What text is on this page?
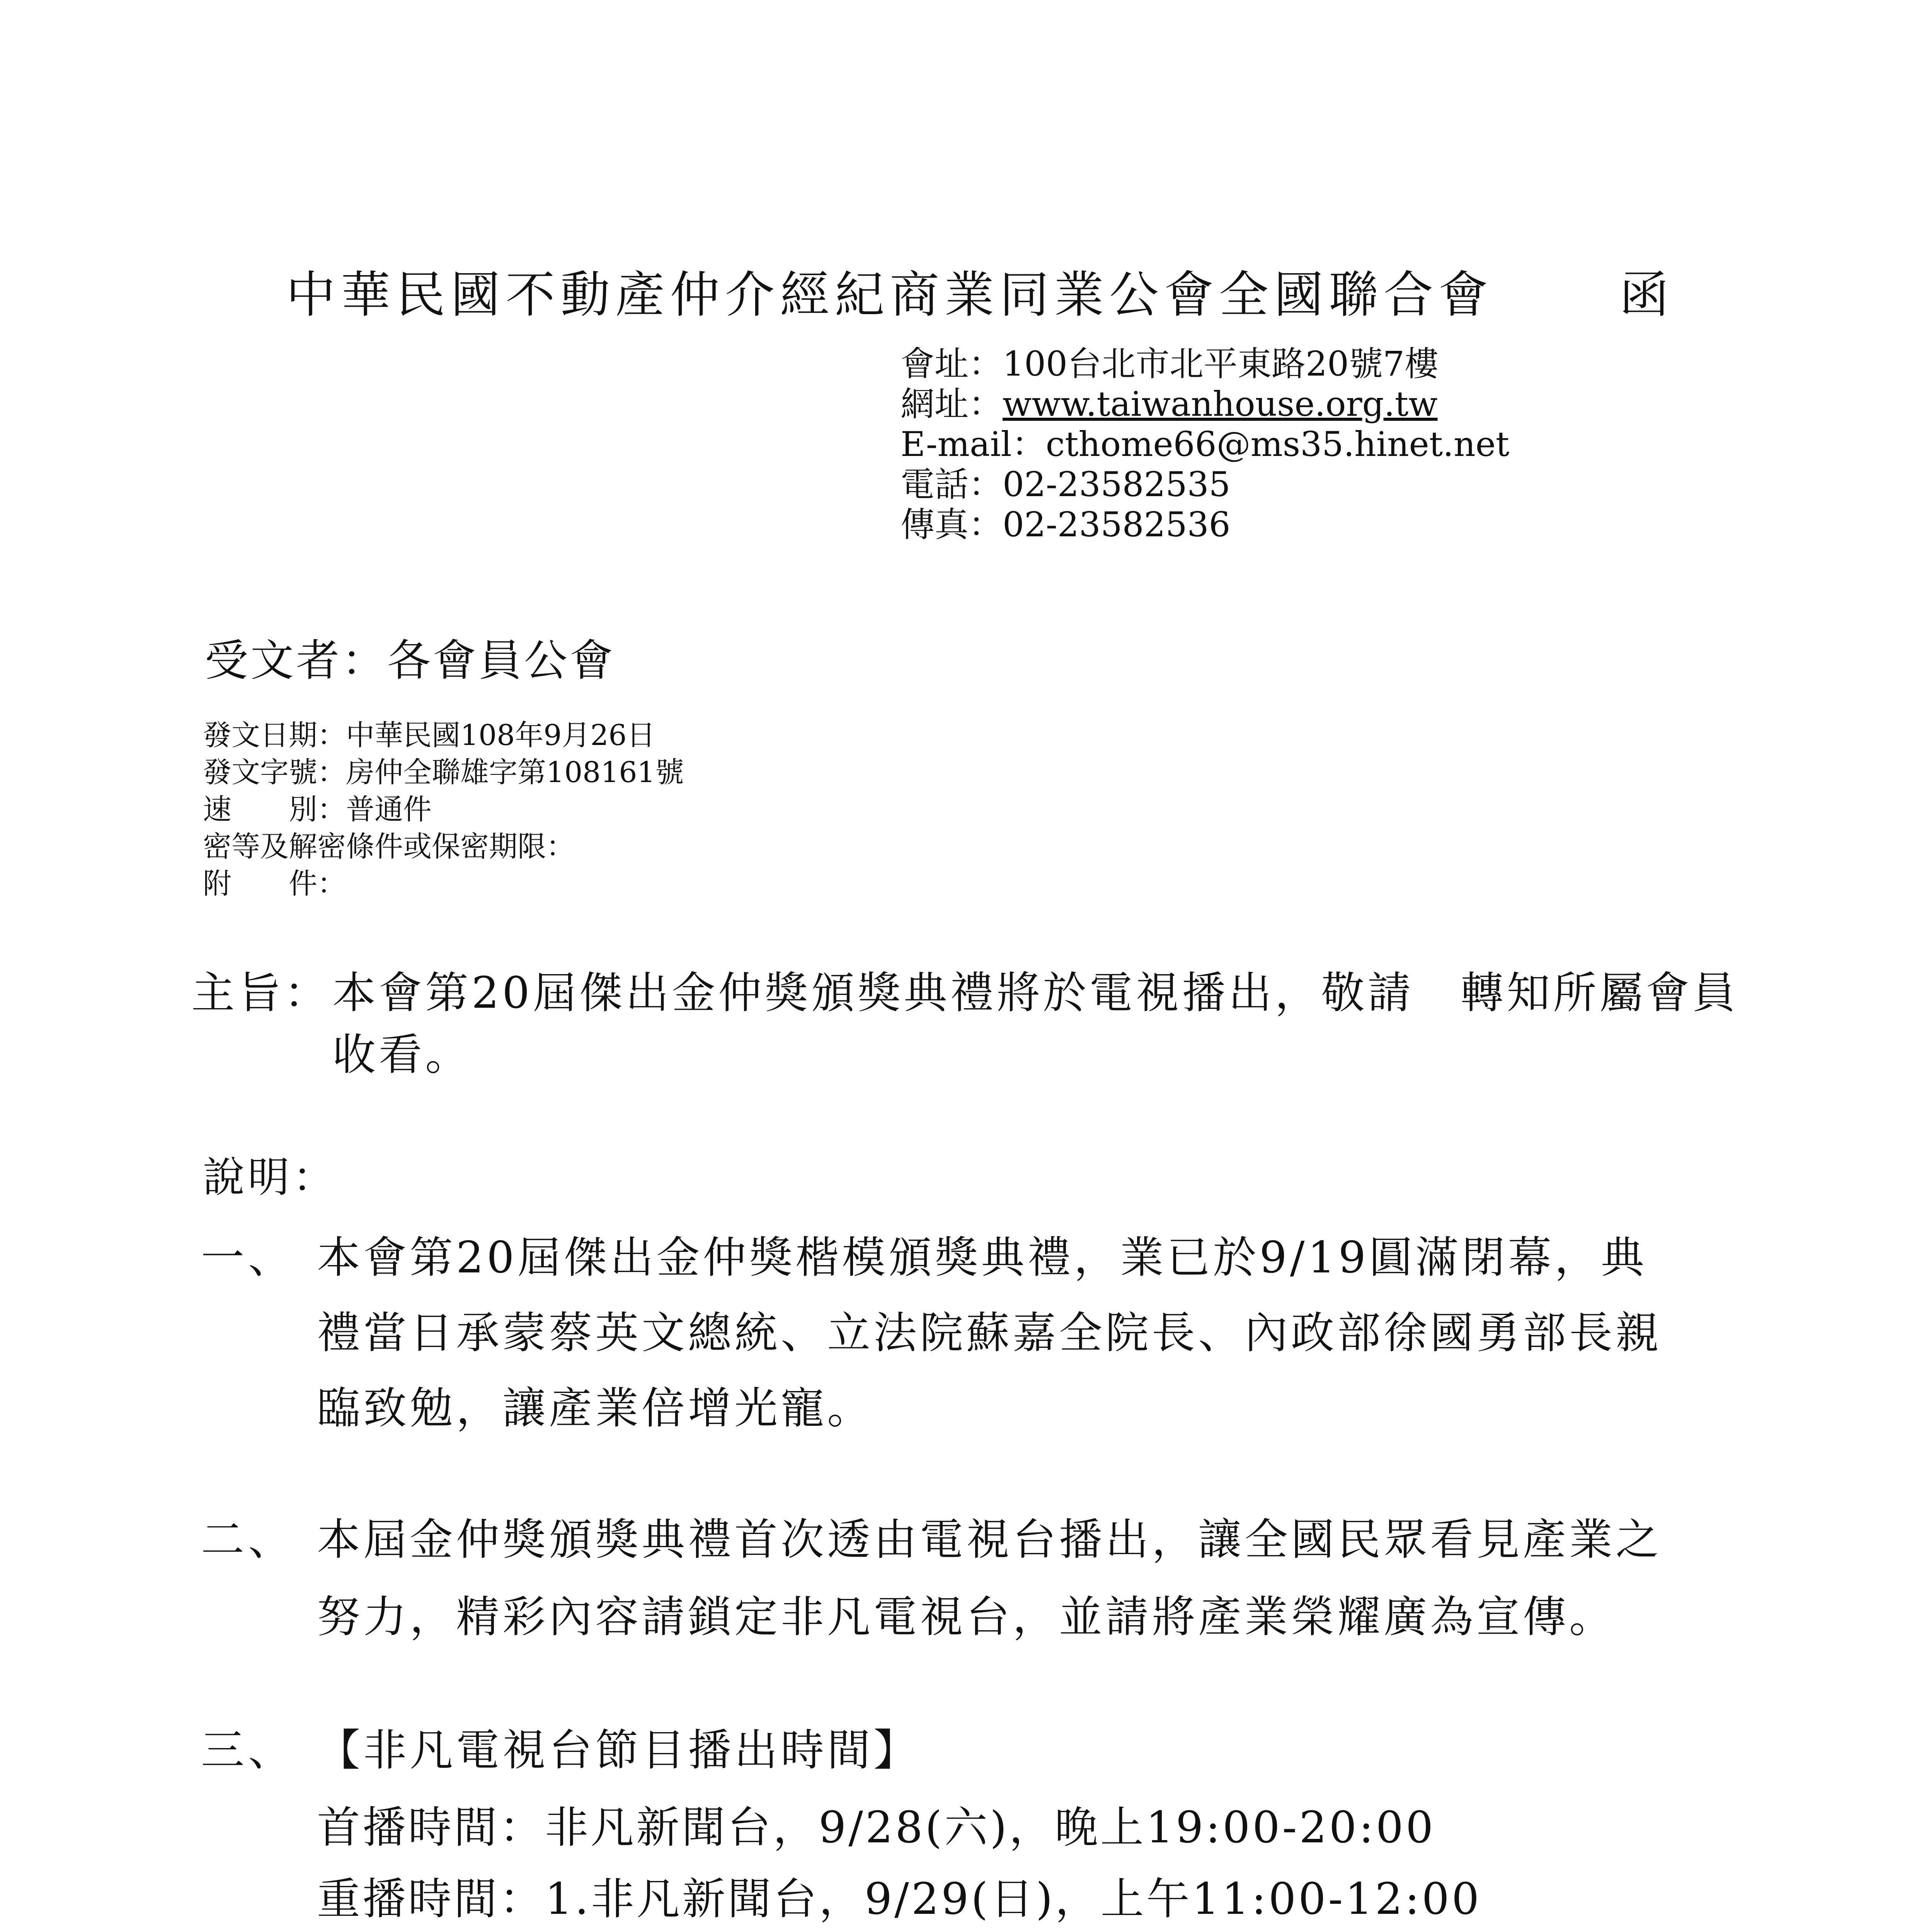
中華民國不動產仲介經紀商業同業公會全國聯合會	函
會址：100台北市北平東路20號7樓
網址：www.taiwanhouse.org.tw
E-mail：cthome66@ms35.hinet.net
電話：02-23582535
傳真：02-23582536
受文者：各會員公會
發文日期：中華民國108年9月26日
發文字號：房仲全聯雄字第108161號
速　　別：普通件
密等及解密條件或保密期限：
附　　件：
主旨： 本會第20屆傑出金仲獎頒獎典禮將於電視播出，敬請　轉知所屬會員
收看。
說明：
一、 本會第20屆傑出金仲獎楷模頒獎典禮，業已於9/19圓滿閉幕，典
禮當日承蒙蔡英文總統、立法院蘇嘉全院長、內政部徐國勇部長親
臨致勉，讓產業倍增光寵。
二、 本屆金仲獎頒獎典禮首次透由電視台播出，讓全國民眾看見產業之
努力，精彩內容請鎖定非凡電視台，並請將產業榮耀廣為宣傳。
三、 【非凡電視台節目播出時間】
首播時間：非凡新聞台，9/28(六)，晚上19:00-20:00
重播時間：1.非凡新聞台，9/29(日)，上午11:00-12:00
